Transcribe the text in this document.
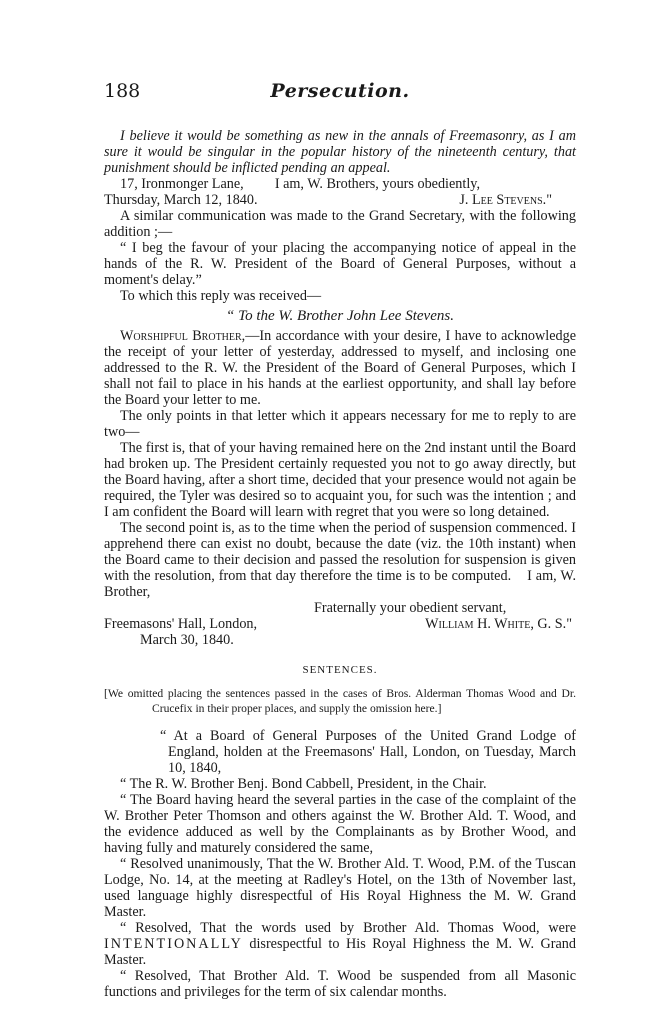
188	Persecution.

I believe it would be something as new in the annals of Freemasonry, as I am sure it would be singular in the popular history of the nineteenth century, that punishment should be inflicted pending an appeal.

17, Ironmonger Lane, I am, W. Brothers, yours obediently,
Thursday, March 12, 1840.	J. Lee Stevens."

A similar communication was made to the Grand Secretary, with the following addition ;—

“ I beg the favour of your placing the accompanying notice of appeal in the hands of the R. W. President of the Board of General Purposes, without a moment's delay.”

To which this reply was received—

“ To the W. Brother John Lee Stevens.

Worshipful Brother,—In accordance with your desire, I have to acknowledge the receipt of your letter of yesterday, addressed to myself, and inclosing one addressed to the R. W. the President of the Board of General Purposes, which I shall not fail to place in his hands at the earliest opportunity, and shall lay before the Board your letter to me.

The only points in that letter which it appears necessary for me to reply to are two—

The first is, that of your having remained here on the 2nd instant until the Board had broken up. The President certainly requested you not to go away directly, but the Board having, after a short time, decided that your presence would not again be required, the Tyler was desired so to acquaint you, for such was the intention ; and I am confident the Board will learn with regret that you were so long detained.

The second point is, as to the time when the period of suspension commenced. I apprehend there can exist no doubt, because the date (viz. the 10th instant) when the Board came to their decision and passed the resolution for suspension is given with the resolution, from that day therefore the time is to be computed. I am, W. Brother,

Fraternally your obedient servant,
Freemasons' Hall, London,	William H. White, G. S."
March 30, 1840.
SENTENCES.

[We omitted placing the sentences passed in the cases of Bros. Alderman Thomas Wood and Dr. Crucefix in their proper places, and supply the omission here.]

“ At a Board of General Purposes of the United Grand Lodge of England, holden at the Freemasons' Hall, London, on Tuesday, March 10, 1840,

“ The R. W. Brother Benj. Bond Cabbell, President, in the Chair.

“ The Board having heard the several parties in the case of the complaint of the W. Brother Peter Thomson and others against the W. Brother Ald. T. Wood, and the evidence adduced as well by the Complainants as by Brother Wood, and having fully and maturely considered the same,

“ Resolved unanimously, That the W. Brother Ald. T. Wood, P.M. of the Tuscan Lodge, No. 14, at the meeting at Radley's Hotel, on the 13th of November last, used language highly disrespectful of His Royal Highness the M. W. Grand Master.

“ Resolved, That the words used by Brother Ald. Thomas Wood, were INTENTIONALLY disrespectful to His Royal Highness the M. W. Grand Master.

“ Resolved, That Brother Ald. T. Wood be suspended from all Masonic functions and privileges for the term of six calendar months.
